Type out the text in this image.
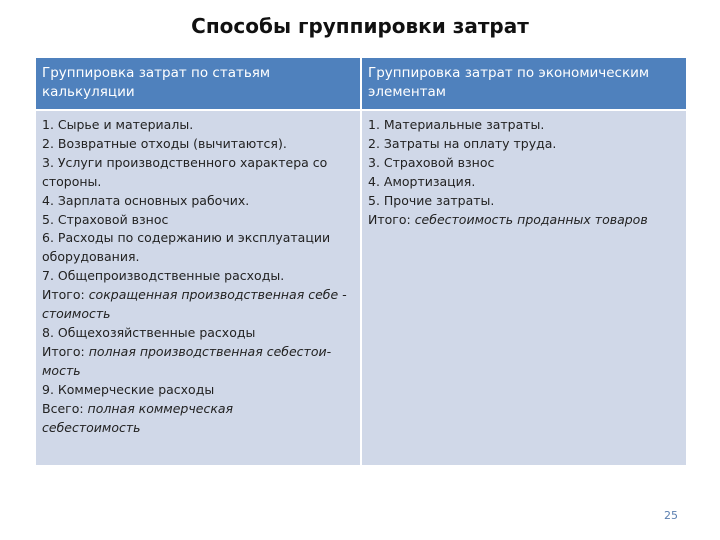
Способы группировки затрат
Группировка затрат по статьям калькуляции
Группировка затрат по экономическим элементам
1. Сырье и материалы.
2. Возвратные отходы (вычитаются).
3. Услуги производственного характера со стороны.
4. Зарплата основных рабочих.
5. Страховой взнос
6. Расходы по содержанию и эксплуатации оборудования.
7. Общепроизводственные расходы.
Итого: сокращенная производственная себе -
стоимость
8. Общехозяйственные расходы
Итого: полная производственная себестои-
мость
9. Коммерческие расходы
Всего: полная коммерческая
себестоимость
1. Материальные затраты.
2. Затраты на оплату труда.
3. Страховой взнос
4. Амортизация.
5. Прочие затраты.
Итого: себестоимость проданных товаров
25
